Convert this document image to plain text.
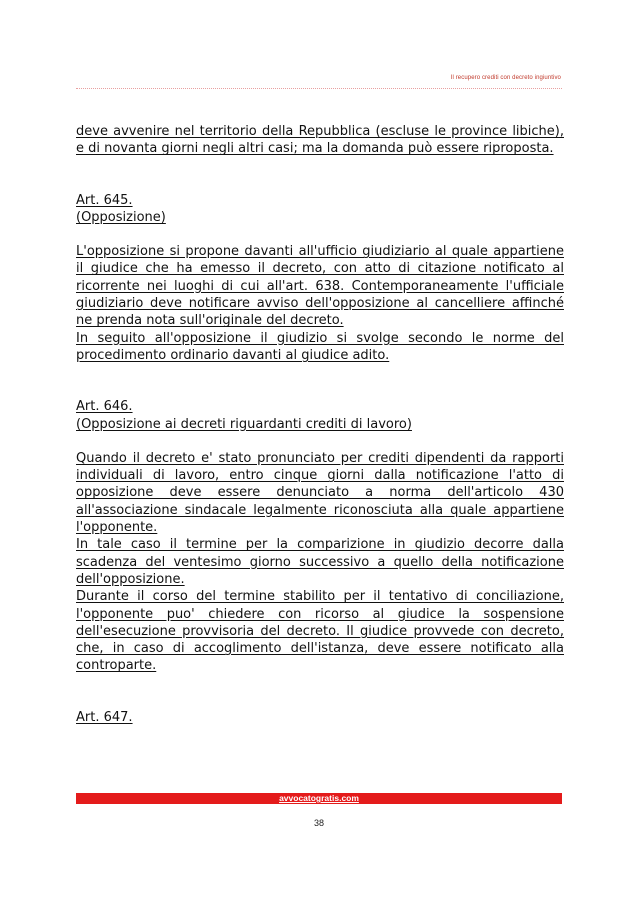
Il recupero crediti con decreto ingiuntivo

deve avvenire nel territorio della Repubblica (escluse le province libiche), e di novanta giorni negli altri casi; ma la domanda può essere riproposta.

Art. 645.

(Opposizione)

L'opposizione si propone davanti all'ufficio giudiziario al quale appartiene il giudice che ha emesso il decreto, con atto di citazione notificato al ricorrente nei luoghi di cui all'art. 638. Contemporaneamente l'ufficiale giudiziario deve notificare avviso dell'opposizione al cancelliere affinché ne prenda nota sull'originale del decreto.

In seguito all'opposizione il giudizio si svolge secondo le norme del procedimento ordinario davanti al giudice adito.

Art. 646.

(Opposizione ai decreti riguardanti crediti di lavoro)

Quando il decreto e' stato pronunciato per crediti dipendenti da rapporti individuali di lavoro, entro cinque giorni dalla notificazione l'atto di opposizione deve essere denunciato a norma dell'articolo 430 all'associazione sindacale legalmente riconosciuta alla quale appartiene l'opponente.

In tale caso il termine per la comparizione in giudizio decorre dalla scadenza del ventesimo giorno successivo a quello della notificazione dell'opposizione.

Durante il corso del termine stabilito per il tentativo di conciliazione, l'opponente puo' chiedere con ricorso al giudice la sospensione dell'esecuzione provvisoria del decreto. Il giudice provvede con decreto, che, in caso di accoglimento dell'istanza, deve essere notificato alla controparte.

Art. 647.

avvocatogratis.com
38
